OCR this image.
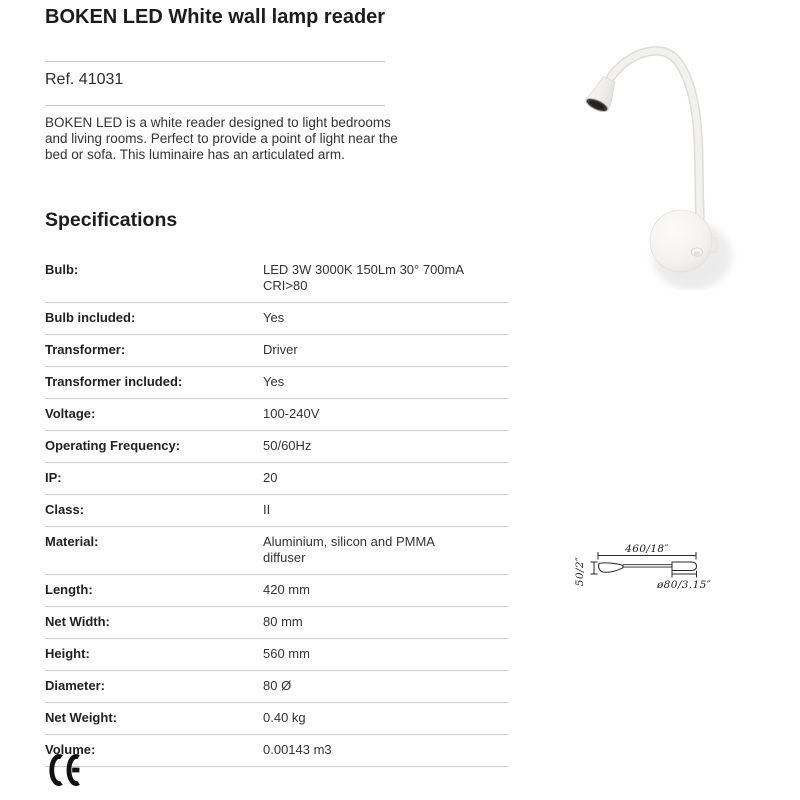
BOKEN LED White wall lamp reader
Ref. 41031

BOKEN LED is a white reader designed to light bedrooms and living rooms. Perfect to provide a point of light near the bed or sofa. This luminaire has an articulated arm.

Specifications
Bulb:	LED 3W 3000K 150Lm 30° 700mA CRI>80
Bulb included:	Yes
Transformer:	Driver
Transformer included:	Yes
Voltage:	100-240V
Operating Frequency:	50/60Hz
IP:	20
Class:	II
Material:	Aluminium, silicon and PMMA diffuser
Length:	420 mm
Net Width:	80 mm
Height:	560 mm
Diameter:	80 Ø
Net Weight:	0.40 kg
Volume:	0.00143 m3
460/18″
50/2″	ø80/3.15″
